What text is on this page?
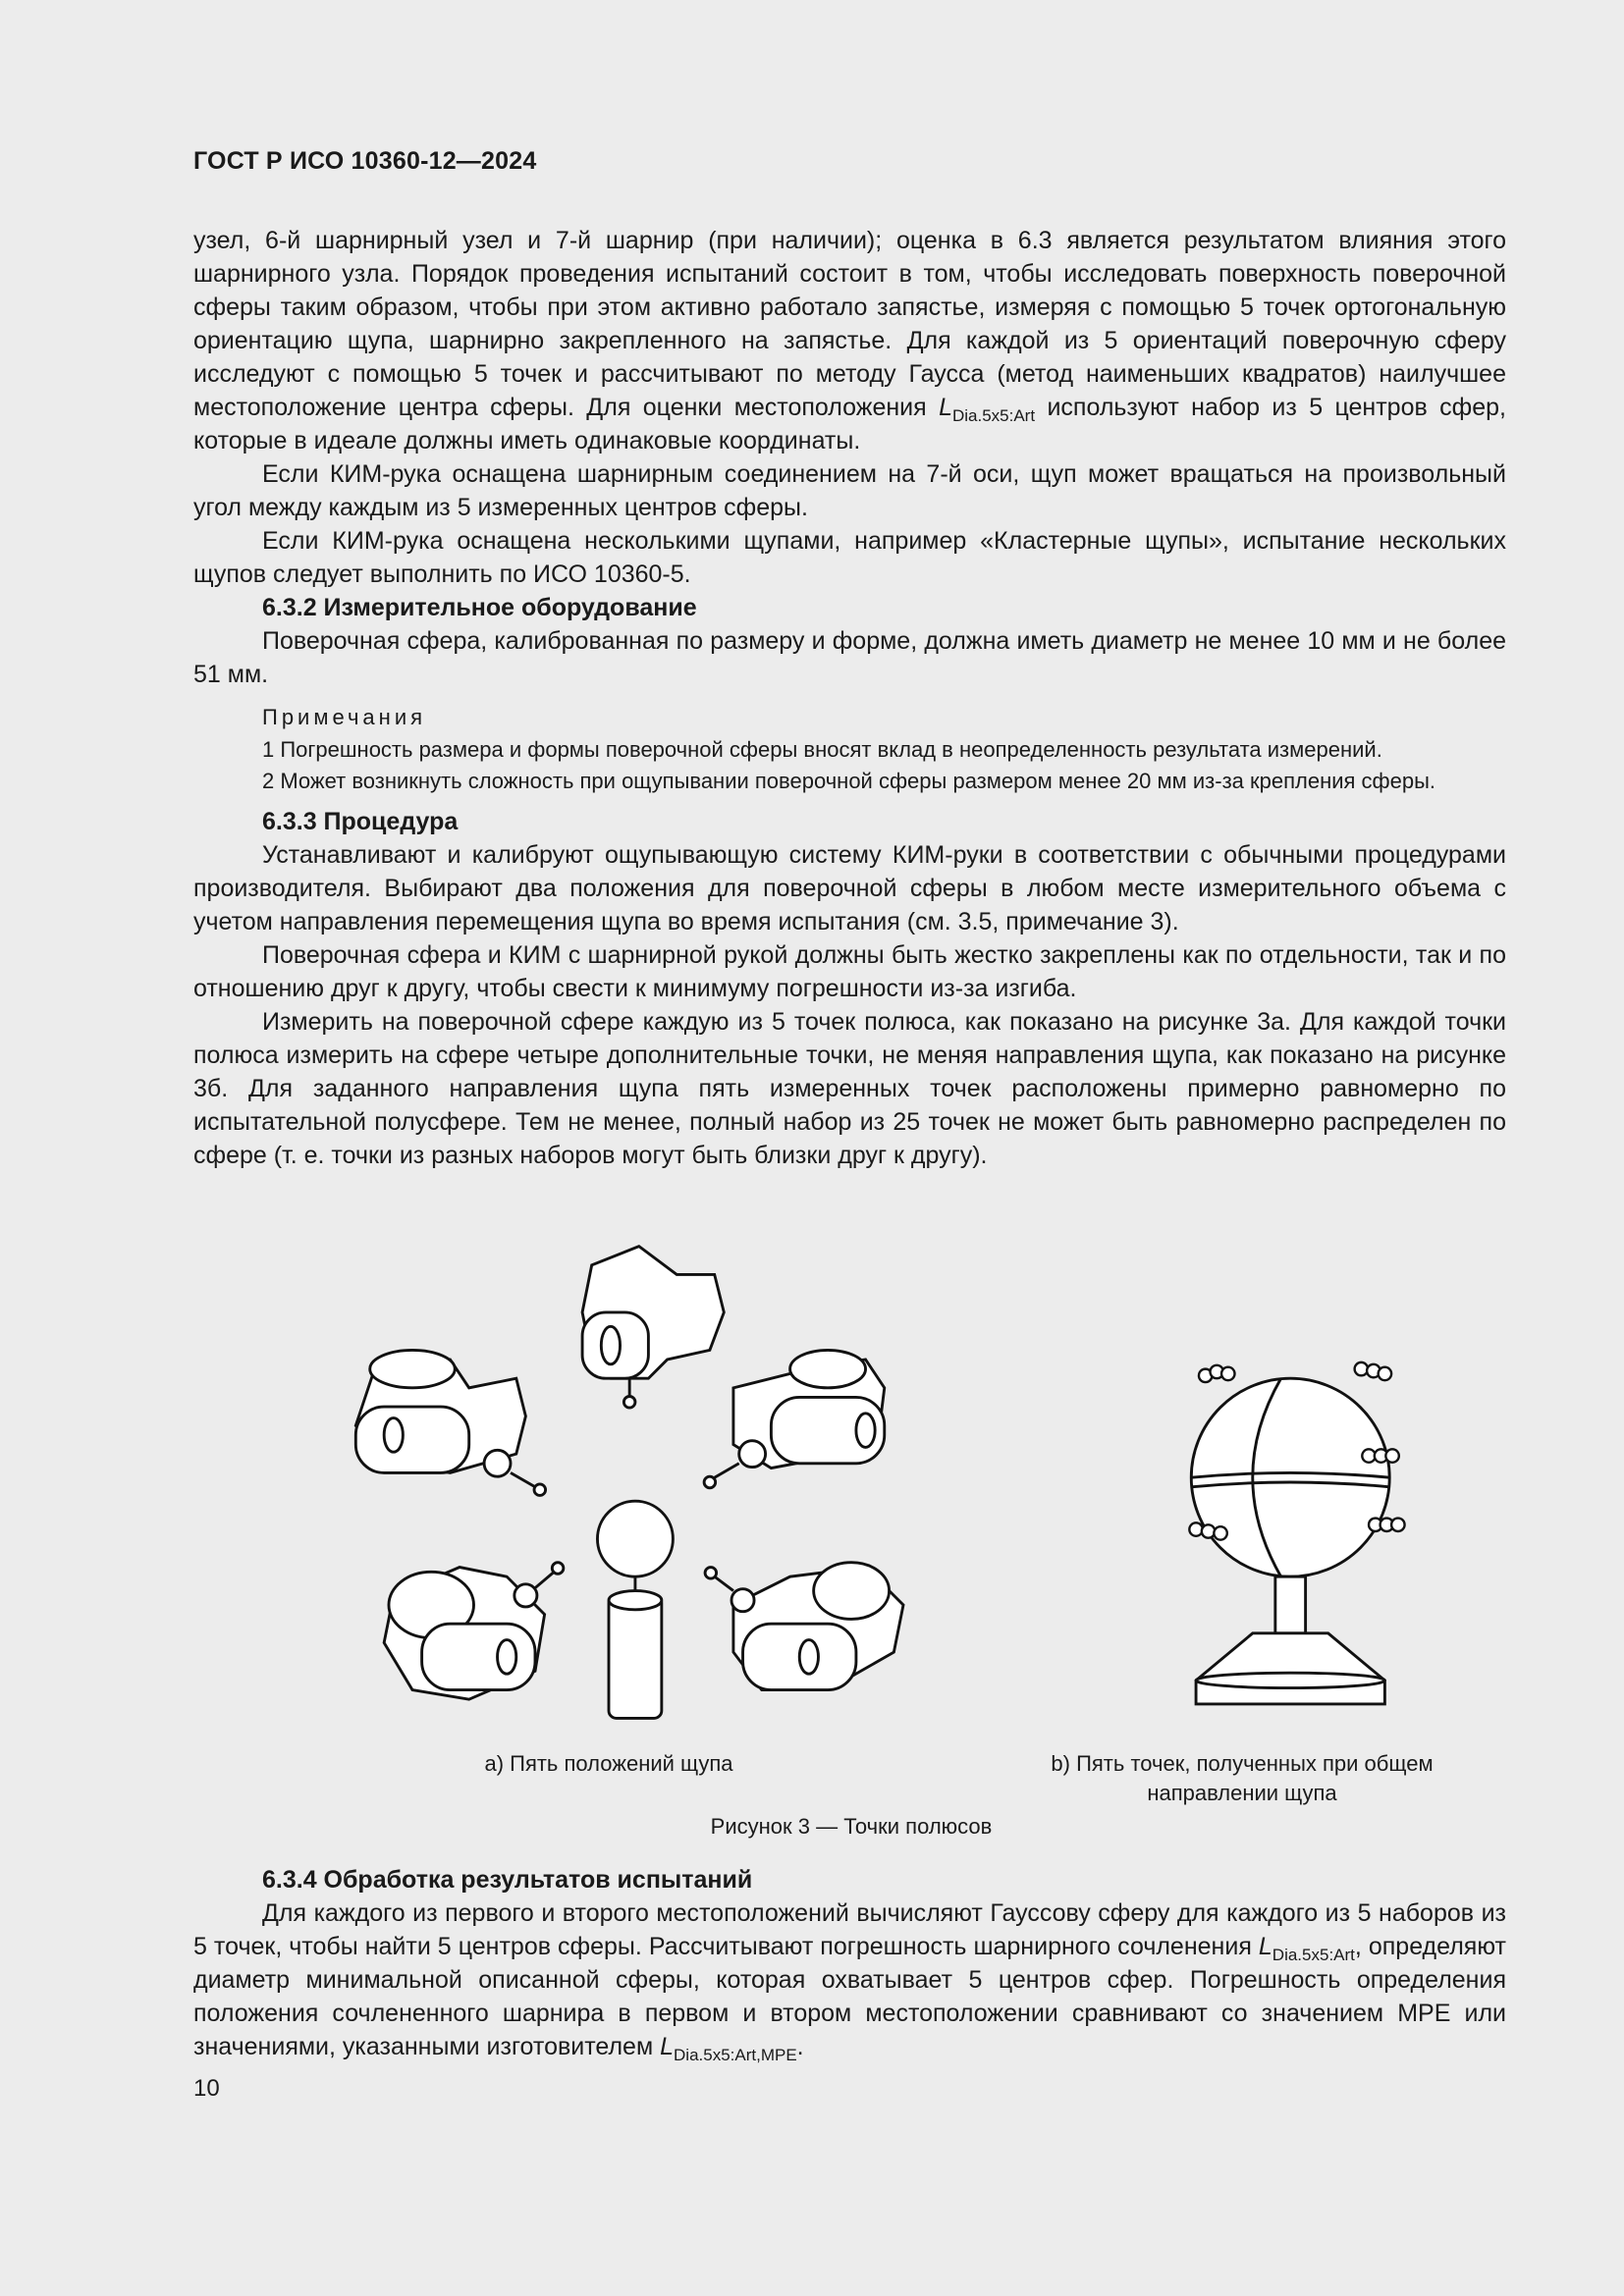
ГОСТ Р ИСО 10360-12—2024

узел, 6-й шарнирный узел и 7-й шарнир (при наличии); оценка в 6.3 является результатом влияния этого шарнирного узла. Порядок проведения испытаний состоит в том, чтобы исследовать поверхность поверочной сферы таким образом, чтобы при этом активно работало запястье, измеряя с помощью 5 точек ортогональную ориентацию щупа, шарнирно закрепленного на запястье. Для каждой из 5 ориентаций поверочную сферу исследуют с помощью 5 точек и рассчитывают по методу Гаусса (метод наименьших квадратов) наилучшее местоположение центра сферы. Для оценки местоположения $L_{Dia.5x5:Art}$ используют набор из 5 центров сфер, которые в идеале должны иметь одинаковые координаты.

Если КИМ-рука оснащена шарнирным соединением на 7-й оси, щуп может вращаться на произвольный угол между каждым из 5 измеренных центров сферы.

Если КИМ-рука оснащена несколькими щупами, например «Кластерные щупы», испытание нескольких щупов следует выполнить по ИСО 10360-5.

6.3.2 Измерительное оборудование

Поверочная сфера, калиброванная по размеру и форме, должна иметь диаметр не менее 10 мм и не более 51 мм.

Примечания

1 Погрешность размера и формы поверочной сферы вносят вклад в неопределенность результата измерений.

2 Может возникнуть сложность при ощупывании поверочной сферы размером менее 20 мм из-за крепления сферы.

6.3.3 Процедура

Устанавливают и калибруют ощупывающую систему КИМ-руки в соответствии с обычными процедурами производителя. Выбирают два положения для поверочной сферы в любом месте измерительного объема с учетом направления перемещения щупа во время испытания (см. 3.5, примечание 3).

Поверочная сфера и КИМ с шарнирной рукой должны быть жестко закреплены как по отдельности, так и по отношению друг к другу, чтобы свести к минимуму погрешности из-за изгиба.

Измерить на поверочной сфере каждую из 5 точек полюса, как показано на рисунке 3а. Для каждой точки полюса измерить на сфере четыре дополнительные точки, не меняя направления щупа, как показано на рисунке 3б. Для заданного направления щупа пять измеренных точек расположены примерно равномерно по испытательной полусфере. Тем не менее, полный набор из 25 точек не может быть равномерно распределен по сфере (т. е. точки из разных наборов могут быть близки друг к другу).

а) Пять положений щупа	b) Пять точек, полученных при общем направлении щупа
Рисунок 3 — Точки полюсов

6.3.4 Обработка результатов испытаний

Для каждого из первого и второго местоположений вычисляют Гауссову сферу для каждого из 5 наборов из 5 точек, чтобы найти 5 центров сферы. Рассчитывают погрешность шарнирного сочленения $L_{Dia.5x5:Art}$, определяют диаметр минимальной описанной сферы, которая охватывает 5 центров сфер. Погрешность определения положения сочлененного шарнира в первом и втором местоположении сравнивают со значением MPE или значениями, указанными изготовителем $L_{Dia.5x5:Art,MPE}$.

10
